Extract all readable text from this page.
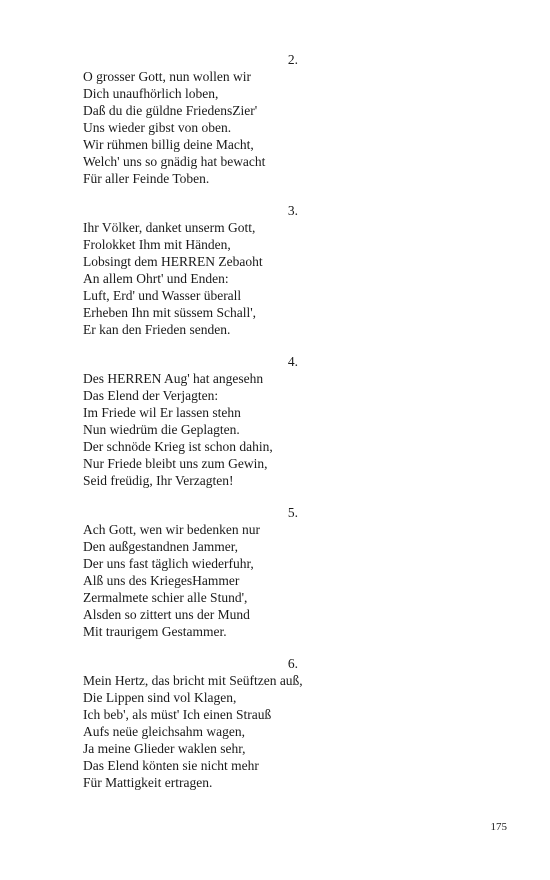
2.
O grosser Gott, nun wollen wir
Dich unaufhörlich loben,
Daß du die güldne FriedensZier'
Uns wieder gibst von oben.
Wir rühmen billig deine Macht,
Welch' uns so gnädig hat bewacht
Für aller Feinde Toben.
3.
Ihr Völker, danket unserm Gott,
Frolokket Ihm mit Händen,
Lobsingt dem HERREN Zebaoht
An allem Ohrt' und Enden:
Luft, Erd' und Wasser überall
Erheben Ihn mit süssem Schall',
Er kan den Frieden senden.
4.
Des HERREN Aug' hat angesehn
Das Elend der Verjagten:
Im Friede wil Er lassen stehn
Nun wiedrüm die Geplagten.
Der schnöde Krieg ist schon dahin,
Nur Friede bleibt uns zum Gewin,
Seid freüdig, Ihr Verzagten!
5.
Ach Gott, wen wir bedenken nur
Den außgestandnen Jammer,
Der uns fast täglich wiederfuhr,
Alß uns des KriegesHammer
Zermalmete schier alle Stund',
Alsden so zittert uns der Mund
Mit traurigem Gestammer.
6.
Mein Hertz, das bricht mit Seüftzen auß,
Die Lippen sind vol Klagen,
Ich beb', als müst' Ich einen Strauß
Aufs neüe gleichsahm wagen,
Ja meine Glieder waklen sehr,
Das Elend könten sie nicht mehr
Für Mattigkeit ertragen.
175
